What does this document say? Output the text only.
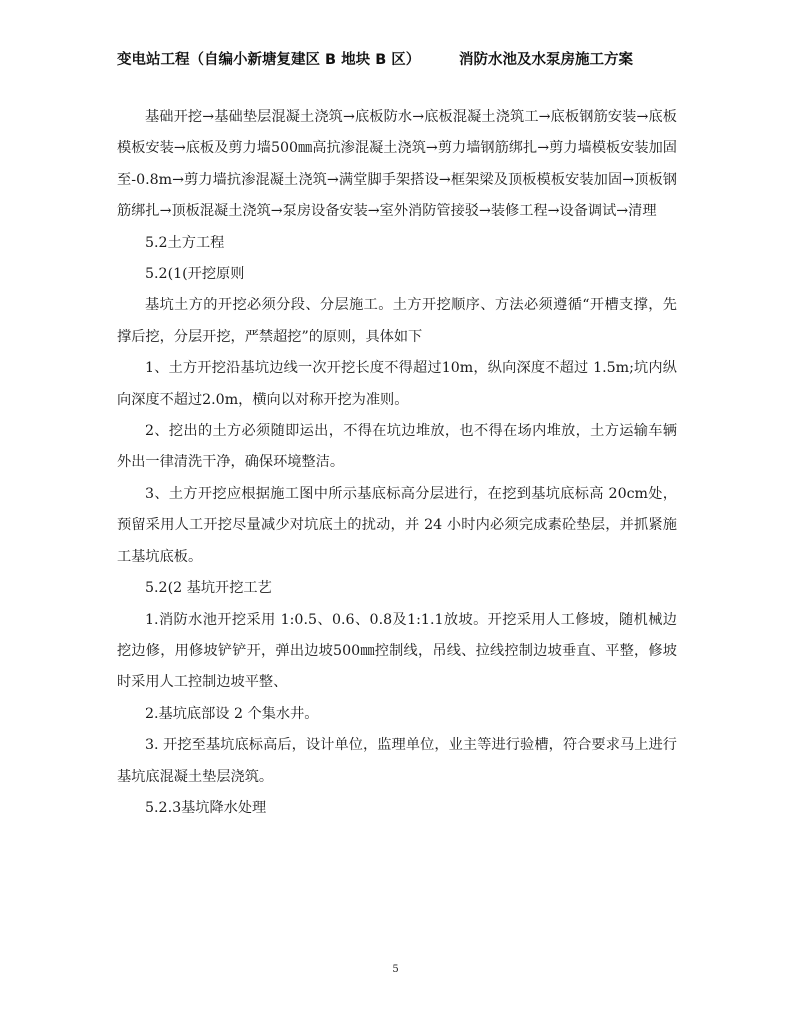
变电站工程（自编小新塘复建区 B 地块 B 区）	消防水池及水泵房施工方案

基础开挖→基础垫层混凝土浇筑→底板防水→底板混凝土浇筑工→底板钢筋安装→底板模板安装→底板及剪力墙500㎜高抗渗混凝土浇筑→剪力墙钢筋绑扎→剪力墙模板安装加固至-0.8m→剪力墙抗渗混凝土浇筑→满堂脚手架搭设→框架梁及顶板模板安装加固→顶板钢筋绑扎→顶板混凝土浇筑→泵房设备安装→室外消防管接驳→装修工程→设备调试→清理

5.2土方工程

5.2(1(开挖原则

基坑土方的开挖必须分段、分层施工。土方开挖顺序、方法必须遵循“开槽支撑，先撑后挖，分层开挖，严禁超挖”的原则，具体如下

1、土方开挖沿基坑边线一次开挖长度不得超过10m，纵向深度不超过 1.5m;坑内纵向深度不超过2.0m，横向以对称开挖为准则。

2、挖出的土方必须随即运出，不得在坑边堆放，也不得在场内堆放，土方运输车辆外出一律清洗干净，确保环境整洁。

3、土方开挖应根据施工图中所示基底标高分层进行，在挖到基坑底标高 20cm处，预留采用人工开挖尽量减少对坑底土的扰动，并 24 小时内必须完成素砼垫层，并抓紧施工基坑底板。

5.2(2 基坑开挖工艺

1.消防水池开挖采用 1:0.5、0.6、0.8及1:1.1放坡。开挖采用人工修坡，随机械边挖边修，用修坡铲铲开，弹出边坡500㎜控制线，吊线、拉线控制边坡垂直、平整，修坡时采用人工控制边坡平整、

2.基坑底部设 2 个集水井。

3. 开挖至基坑底标高后，设计单位，监理单位，业主等进行验槽，符合要求马上进行基坑底混凝土垫层浇筑。

5.2.3基坑降水处理

5
